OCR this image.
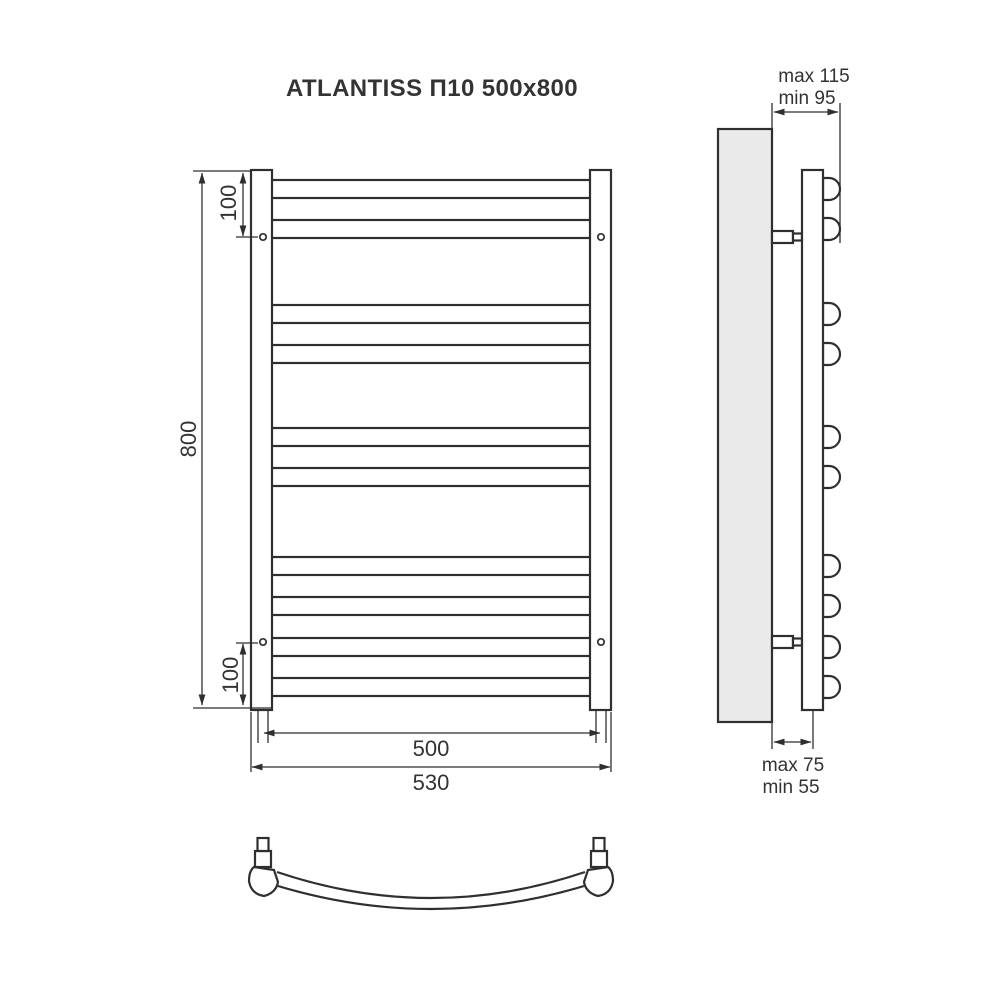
ATLANTISS П10 500x800
800
100
100
500
530
max 115
min 95
max 75
min 55
